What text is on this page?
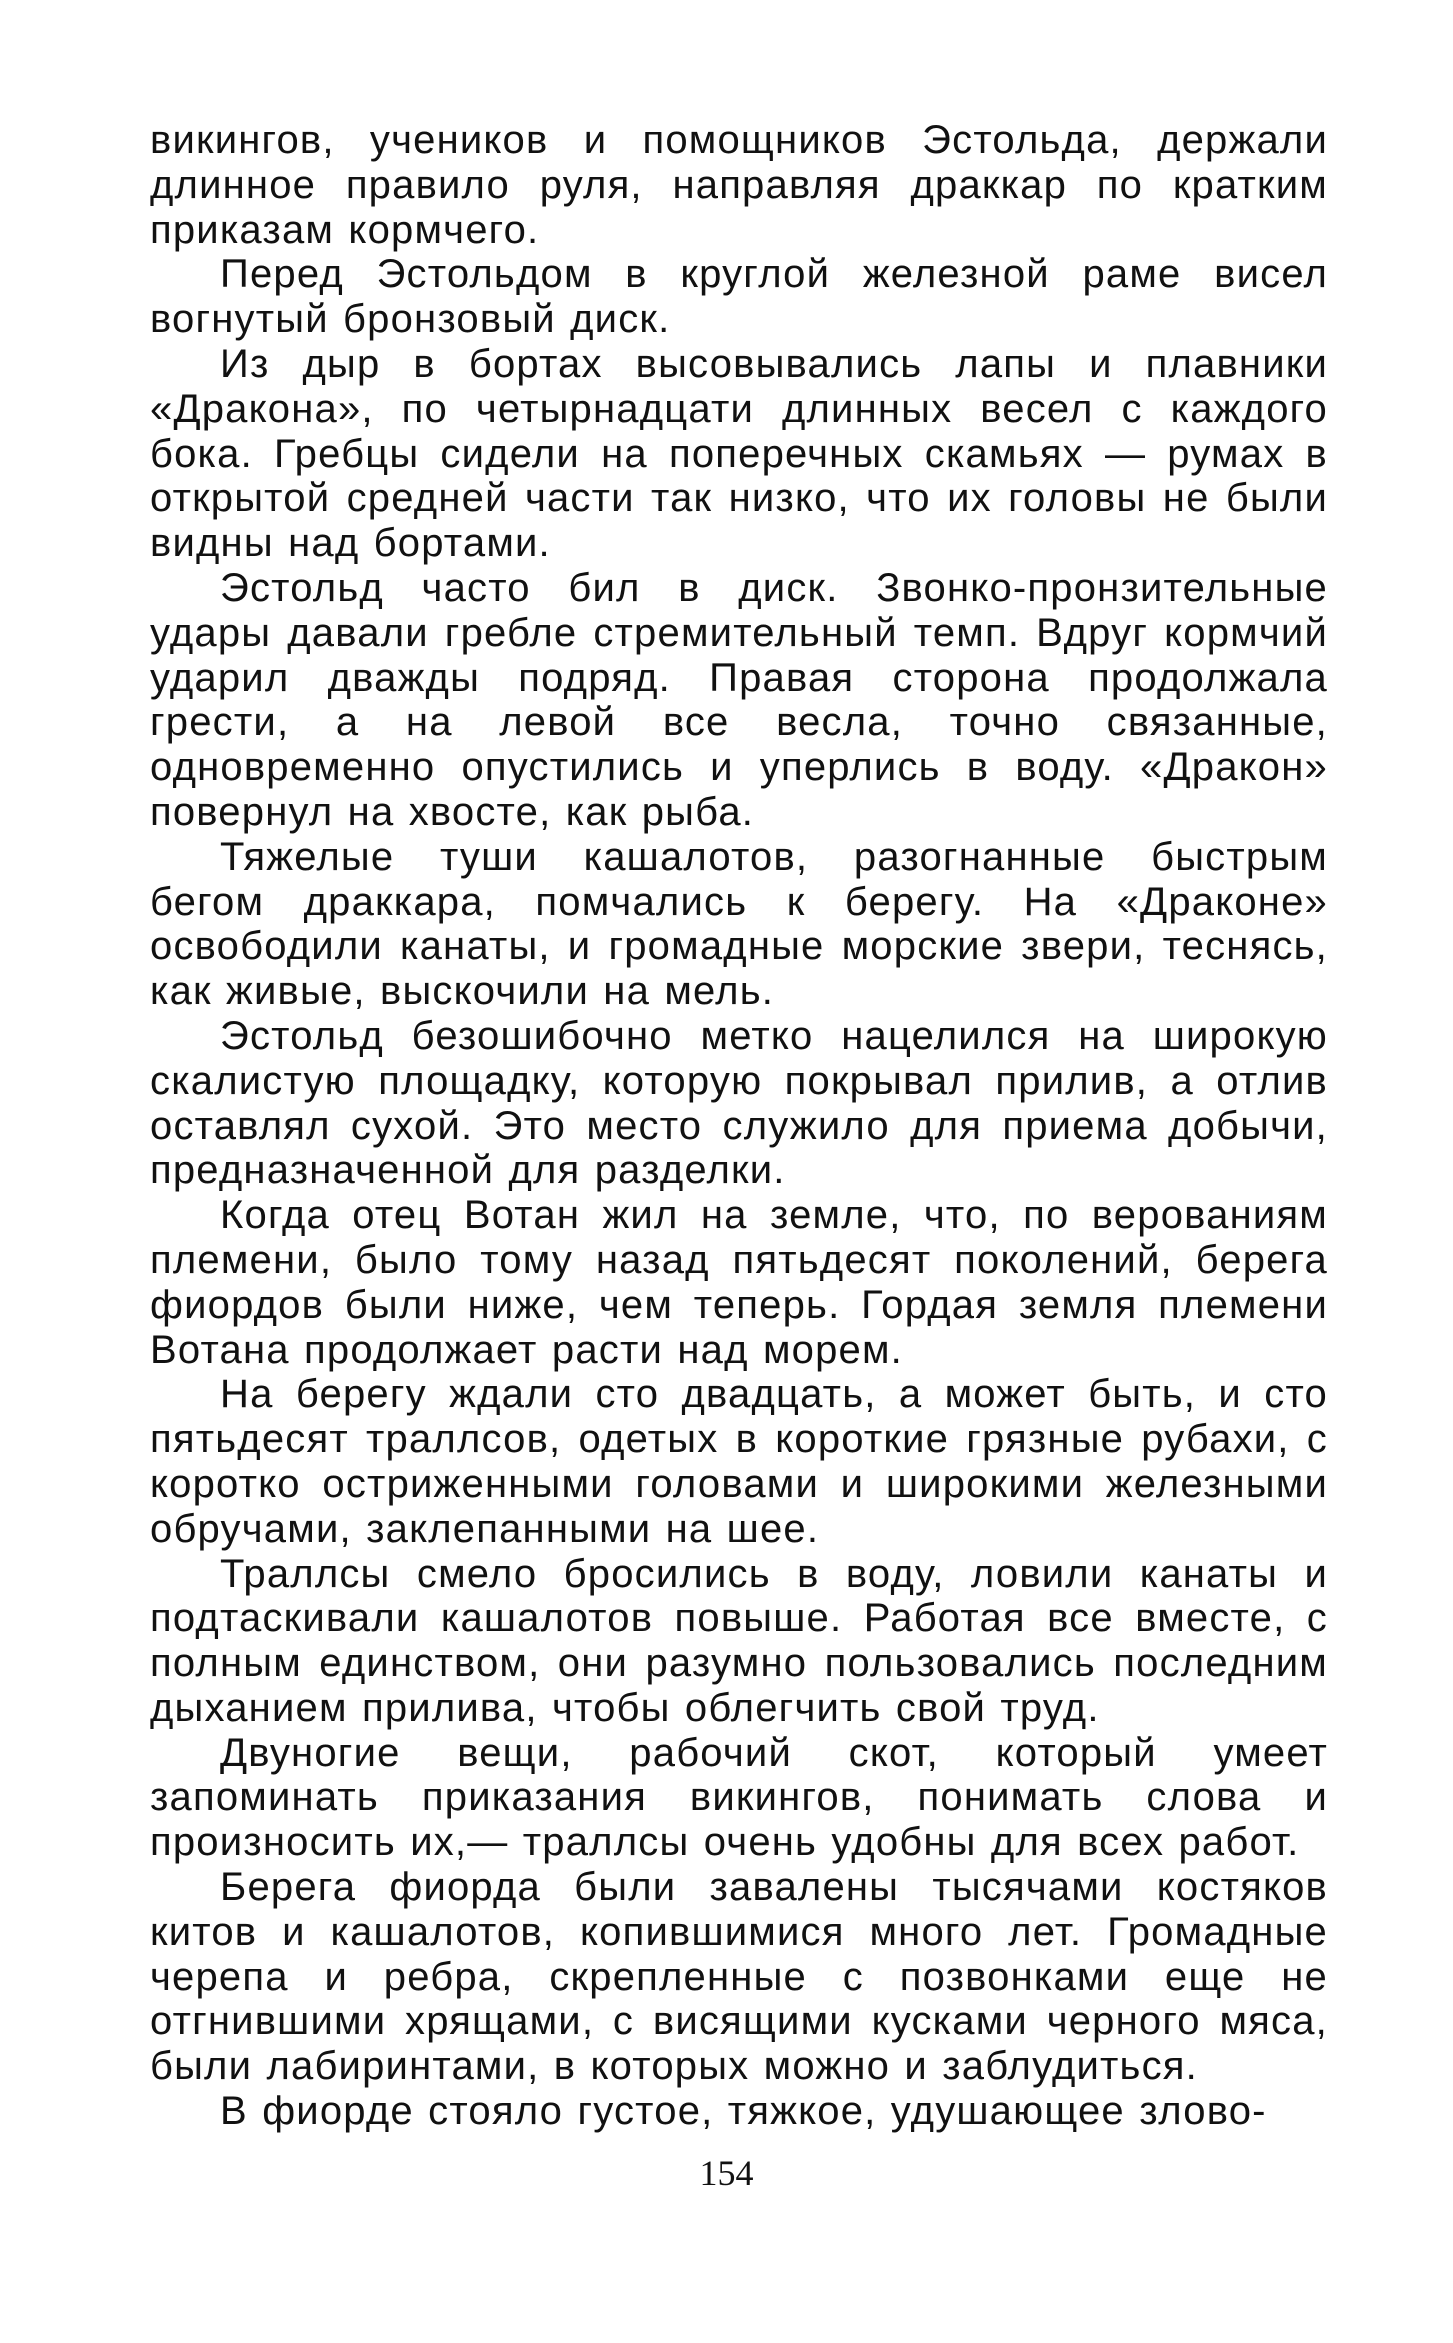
викингов, учеников и помощников Эстольда, держали длинное правило руля, направляя драккар по кратким приказам кормчего.

Перед Эстольдом в круглой железной раме висел вогнутый бронзовый диск.

Из дыр в бортах высовывались лапы и плавники «Дракона», по четырнадцати длинных весел с каждого бока. Гребцы сидели на поперечных скамьях — румах в открытой средней части так низко, что их головы не были видны над бортами.

Эстольд часто бил в диск. Звонко-пронзительные удары давали гребле стремительный темп. Вдруг кормчий ударил дважды подряд. Правая сторона продолжала грести, а на левой все весла, точно связанные, одновременно опустились и уперлись в воду. «Дракон» повернул на хвосте, как рыба.

Тяжелые туши кашалотов, разогнанные быстрым бегом драккара, помчались к берегу. На «Драконе» освободили канаты, и громадные морские звери, теснясь, как живые, выскочили на мель.

Эстольд безошибочно метко нацелился на широкую скалистую площадку, которую покрывал прилив, а отлив оставлял сухой. Это место служило для приема добычи, предназначенной для разделки.

Когда отец Вотан жил на земле, что, по верованиям племени, было тому назад пятьдесят поколений, берега фиордов были ниже, чем теперь. Гордая земля племени Вотана продолжает расти над морем.

На берегу ждали сто двадцать, а может быть, и сто пятьдесят траллсов, одетых в короткие грязные рубахи, с коротко остриженными головами и широкими железными обручами, заклепанными на шее.

Траллсы смело бросились в воду, ловили канаты и подтаскивали кашалотов повыше. Работая все вместе, с полным единством, они разумно пользовались последним дыханием прилива, чтобы облегчить свой труд.

Двуногие вещи, рабочий скот, который умеет запоминать приказания викингов, понимать слова и произносить их,— траллсы очень удобны для всех работ.

Берега фиорда были завалены тысячами костяков китов и кашалотов, копившимися много лет. Громадные черепа и ребра, скрепленные с позвонками еще не отгнившими хрящами, с висящими кусками черного мяса, были лабиринтами, в которых можно и заблудиться.

В фиорде стояло густое, тяжкое, удушающее злово-

154
